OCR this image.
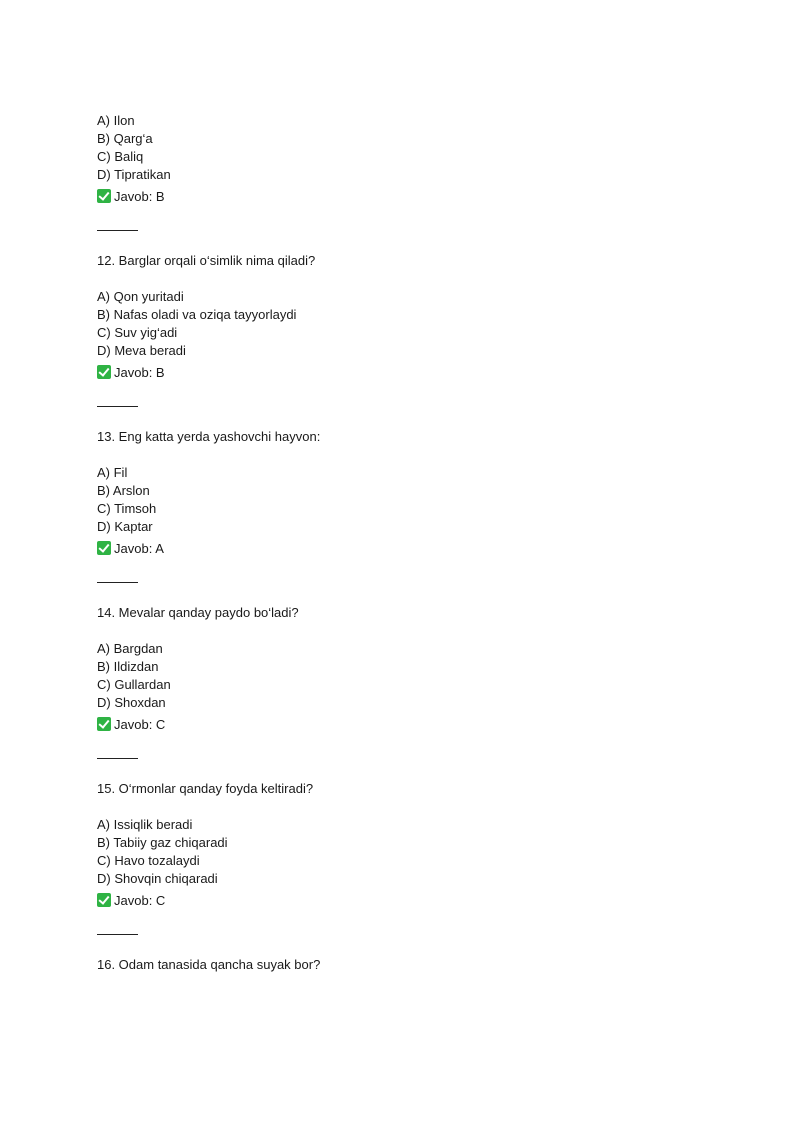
A) Ilon
B) Qarg‘a
C) Baliq
D) Tipratikan
Javob: B
12. Barglar orqali o‘simlik nima qiladi?
A) Qon yuritadi
B) Nafas oladi va oziqa tayyorlaydi
C) Suv yig‘adi
D) Meva beradi
Javob: B
13. Eng katta yerda yashovchi hayvon:
A) Fil
B) Arslon
C) Timsoh
D) Kaptar
Javob: A
14. Mevalar qanday paydo bo‘ladi?
A) Bargdan
B) Ildizdan
C) Gullardan
D) Shoxdan
Javob: C
15. O‘rmonlar qanday foyda keltiradi?
A) Issiqlik beradi
B) Tabiiy gaz chiqaradi
C) Havo tozalaydi
D) Shovqin chiqaradi
Javob: C
16. Odam tanasida qancha suyak bor?
